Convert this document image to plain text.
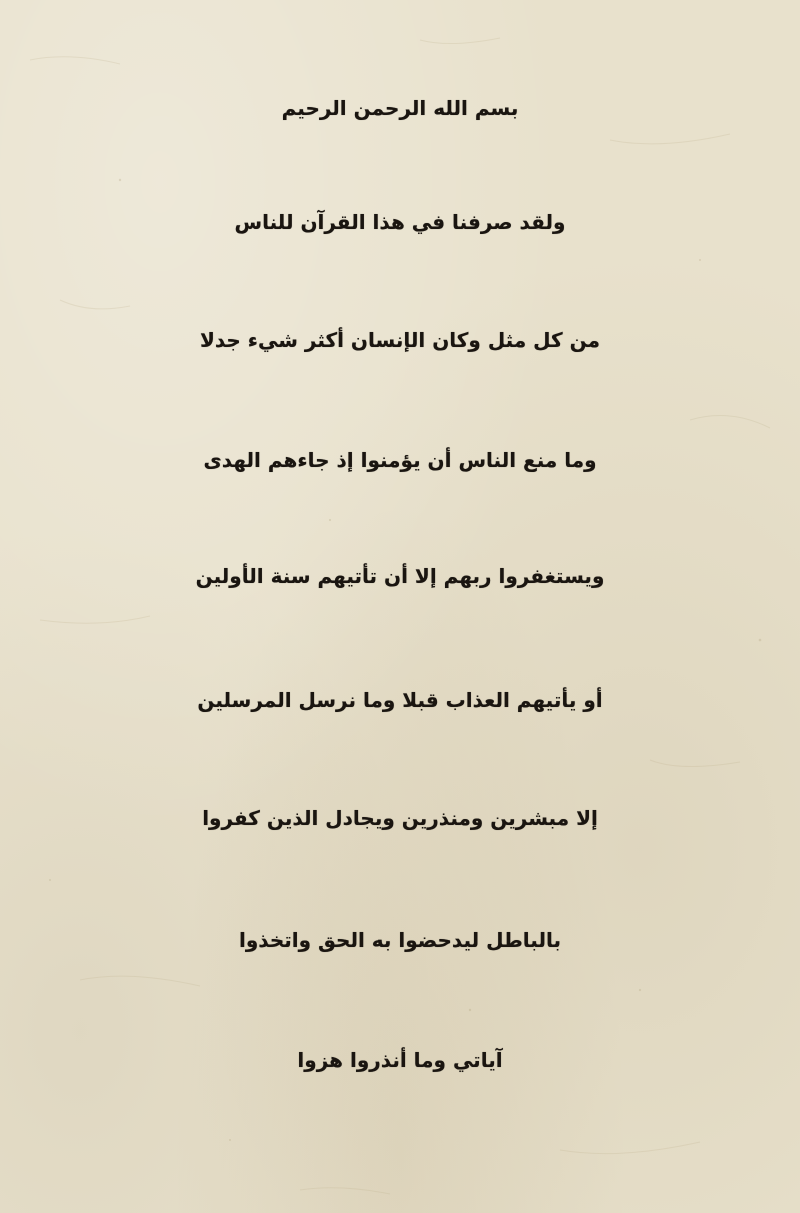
بسم الله الرحمن الرحيم
ولقد صرفنا في هذا القرآن للناس
من كل مثل وكان الإنسان أكثر شيء جدلا
وما منع الناس أن يؤمنوا إذ جاءهم الهدى
ويستغفروا ربهم إلا أن تأتيهم سنة الأولين
أو يأتيهم العذاب قبلا وما نرسل المرسلين
إلا مبشرين ومنذرين ويجادل الذين كفروا
بالباطل ليدحضوا به الحق واتخذوا
آياتي وما أنذروا هزوا
